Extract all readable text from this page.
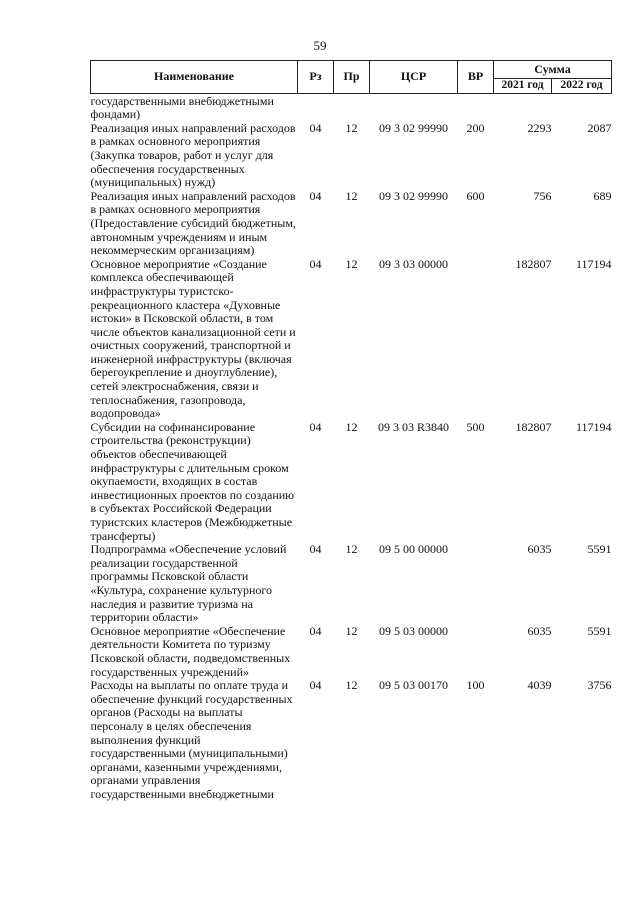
59
Наименование	Рз	Пр	ЦСР	ВР	Сумма	
					2021 год	2022 год
государственными внебюджетными фондами)						
Реализация иных направлений расходов в рамках основного мероприятия (Закупка товаров, работ и услуг для обеспечения государственных (муниципальных) нужд)	04	12	09 3 02 99990	200	2293	2087
Реализация иных направлений расходов в рамках основного мероприятия (Предоставление субсидий бюджетным, автономным учреждениям и иным некоммерческим организациям)	04	12	09 3 02 99990	600	756	689
Основное мероприятие «Создание комплекса обеспечивающей инфраструктуры туристско-рекреационного кластера «Духовные истоки» в Псковской области, в том числе объектов канализационной сети и очистных сооружений, транспортной и инженерной инфраструктуры (включая берегоукрепление и дноуглубление), сетей электроснабжения, связи и теплоснабжения, газопровода, водопровода»	04	12	09 3 03 00000		182807	117194
Субсидии на софинансирование строительства (реконструкции) объектов обеспечивающей инфраструктуры с длительным сроком окупаемости, входящих в состав инвестиционных проектов по созданию в субъектах Российской Федерации туристских кластеров (Межбюджетные трансферты)	04	12	09 3 03 R3840	500	182807	117194
Подпрограмма «Обеспечение условий реализации государственной программы Псковской области «Культура, сохранение культурного наследия и развитие туризма на территории области»	04	12	09 5 00 00000		6035	5591
Основное мероприятие «Обеспечение деятельности Комитета по туризму Псковской области, подведомственных государственных учреждений»	04	12	09 5 03 00000		6035	5591
Расходы на выплаты по оплате труда и обеспечение функций государственных органов (Расходы на выплаты персоналу в целях обеспечения выполнения функций государственными (муниципальными) органами, казенными учреждениями, органами управления государственными внебюджетными	04	12	09 5 03 00170	100	4039	3756
